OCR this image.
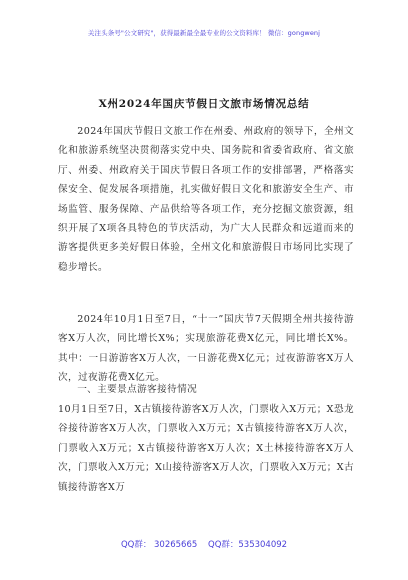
关注头条号"公文研究"，获得最新最全最专业的公文资料库！ 微信：gongwenj
X州2024年国庆节假日文旅市场情况总结

2024年国庆节假日文旅工作在州委、州政府的领导下，全州文化和旅游系统坚决贯彻落实党中央、国务院和省委省政府、省文旅厅、州委、州政府关于国庆节假日各项工作的安排部署，严格落实保安全、促发展各项措施，扎实做好假日文化和旅游安全生产、市场监管、服务保障、产品供给等各项工作，充分挖掘文旅资源，组织开展了X项各具特色的节庆活动，为广大人民群众和远道而来的游客提供更多美好假日体验，全州文化和旅游假日市场同比实现了稳步增长。

2024年10月1日至7日，“十一”国庆节7天假期全州共接待游客X万人次，同比增长X%；实现旅游花费X亿元，同比增长X%。其中：一日游游客X万人次，一日游花费X亿元；过夜游游客X万人次，过夜游花费X亿元。

一、主要景点游客接待情况

10月1日至7日，X古镇接待游客X万人次，门票收入X万元；X恐龙谷接待游客X万人次，门票收入X万元；X古镇接待游客X万人次，门票收入X万元；X古镇接待游客X万人次；X土林接待游客X万人次，门票收入X万元；X山接待游客X万人次，门票收入X万元；X古镇接待游客X万

QQ群： 30265665 QQ群：535304092
